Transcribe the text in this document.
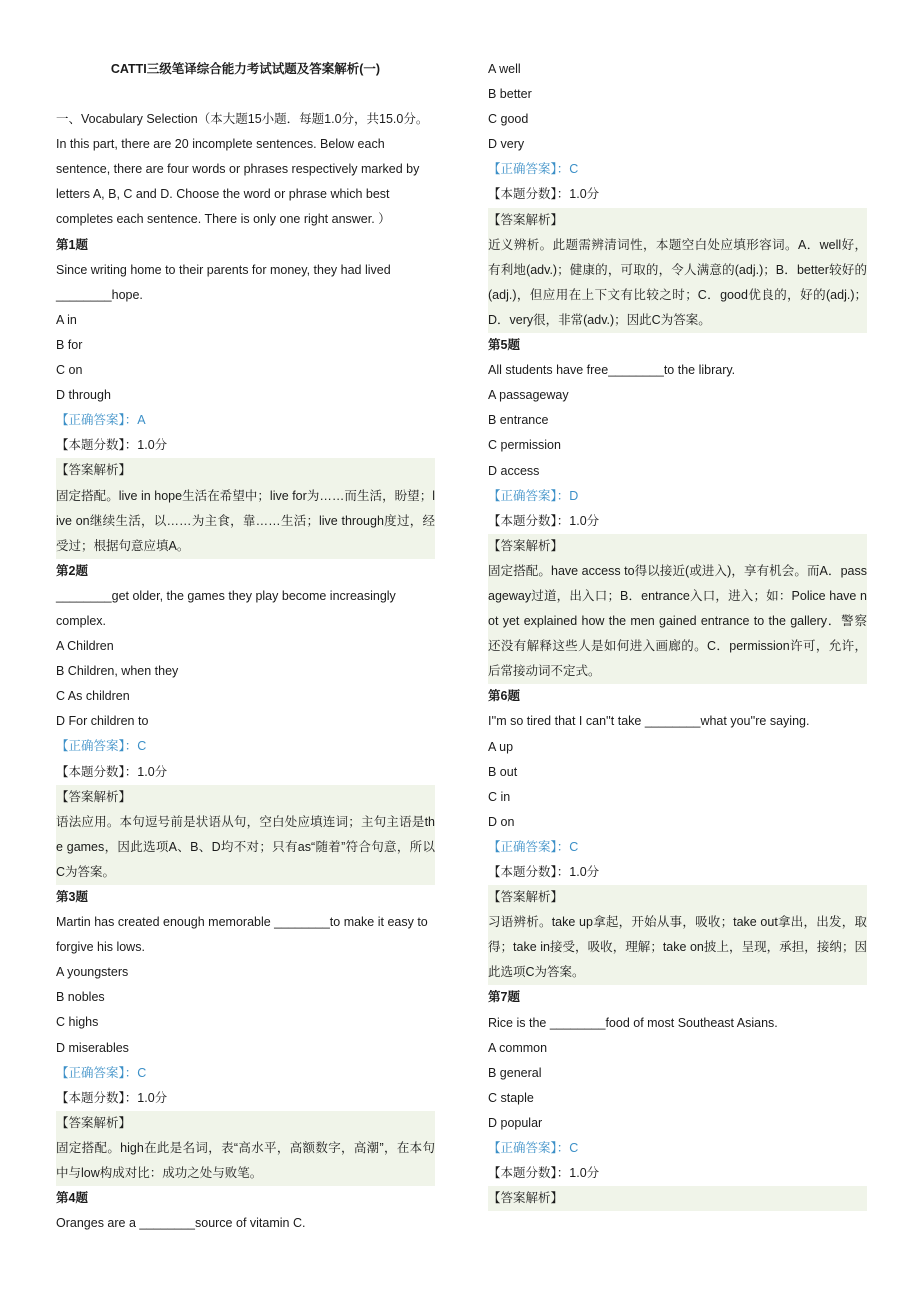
CATTI三级笔译综合能力考试试题及答案解析(一)
一、Vocabulary Selection（本大题15小题．每题1.0分，共15.0分。In this part, there are 20 incomplete sentences. Below each sentence, there are four words or phrases respectively marked by letters A, B, C and D. Choose the word or phrase which best completes each sentence. There is only one right answer. ）
第1题
Since writing home to their parents for money, they had lived ________hope.
A in
B for
C on
D through
【正确答案】：A
【本题分数】：1.0分
【答案解析】
固定搭配。live in hope生活在希望中；live for为……而生活，盼望；live on继续生活，以……为主食，靠……生活；live through度过，经受过；根据句意应填A。
第2题
________get older, the games they play become increasingly complex.
A Children
B Children, when they
C As children
D For children to
【正确答案】：C
【本题分数】：1.0分
【答案解析】
语法应用。本句逗号前是状语从句，空白处应填连词；主句主语是the games，因此选项A、B、D均不对；只有as“随着”符合句意，所以C为答案。
第3题
Martin has created enough memorable ________to make it easy to forgive his lows.
A youngsters
B nobles
C highs
D miserables
【正确答案】：C
【本题分数】：1.0分
【答案解析】
固定搭配。high在此是名词，表“高水平，高额数字，高潮”，在本句中与low构成对比：成功之处与败笔。
第4题
Oranges are a ________source of vitamin C.
A well
B better
C good
D very
【正确答案】：C
【本题分数】：1.0分
【答案解析】
近义辨析。此题需辨清词性，本题空白处应填形容词。A．well好，有利地(adv.)；健康的，可取的，令人满意的(adj.)；B．better较好的(adj.)，但应用在上下文有比较之时；C．good优良的，好的(adj.)；D．very很，非常(adv.)；因此C为答案。
第5题
All students have free________to the library.
A passageway
B entrance
C permission
D access
【正确答案】：D
【本题分数】：1.0分
【答案解析】
固定搭配。have access to得以接近(或进入)，享有机会。而A．passageway过道，出入口；B．entrance入口，进入；如：Police have not yet explained how the men gained entrance to the gallery．警察还没有解释这些人是如何进入画廊的。C．permission许可，允许，后常接动词不定式。
第6题
I''m so tired that I can''t take ________what you''re saying.
A up
B out
C in
D on
【正确答案】：C
【本题分数】：1.0分
【答案解析】
习语辨析。take up拿起，开始从事，吸收；take out拿出，出发，取得；take in接受，吸收，理解；take on披上，呈现，承担，接纳；因此选项C为答案。
第7题
Rice is the ________food of most Southeast Asians.
A common
B general
C staple
D popular
【正确答案】：C
【本题分数】：1.0分
【答案解析】
